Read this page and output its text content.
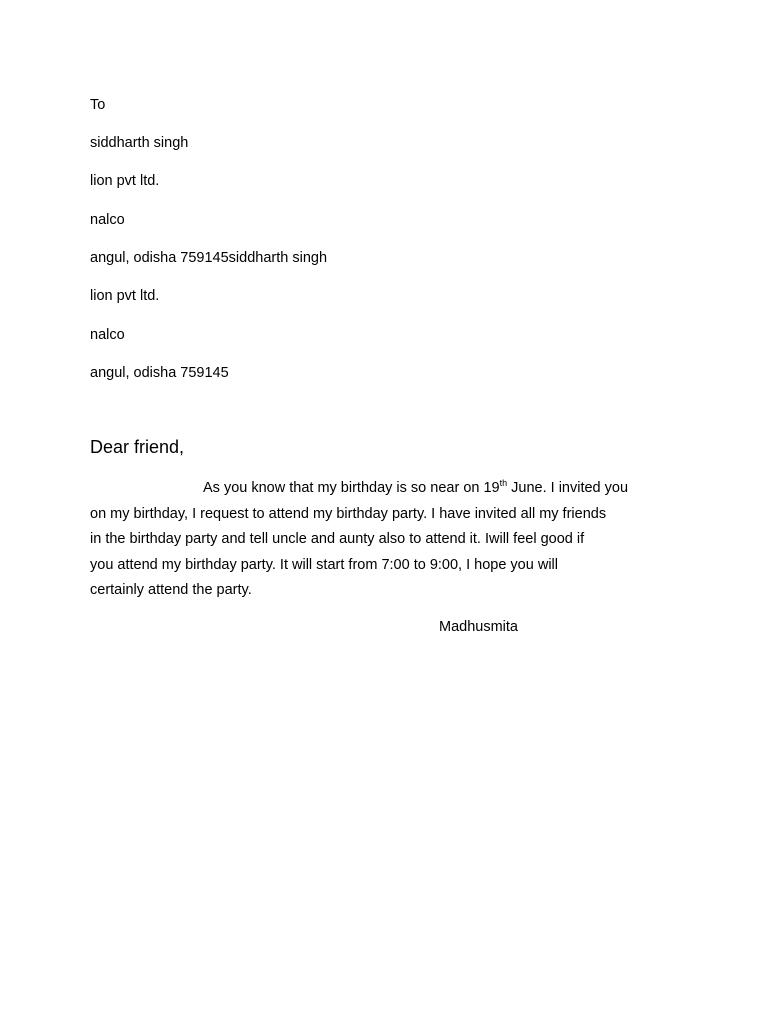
To
siddharth singh
lion pvt ltd.
nalco
angul, odisha 759145siddharth singh
lion pvt ltd.
nalco
angul, odisha 759145
Dear friend,
As you know that my birthday is so near on 19th June. I invited you
on my birthday, I request to attend my birthday party. I have invited all my friends
in the birthday party and tell uncle and aunty also to attend it. Iwill feel good if
you attend my birthday party. It will start from 7:00 to 9:00, I hope you will
certainly attend the party.
Madhusmita
